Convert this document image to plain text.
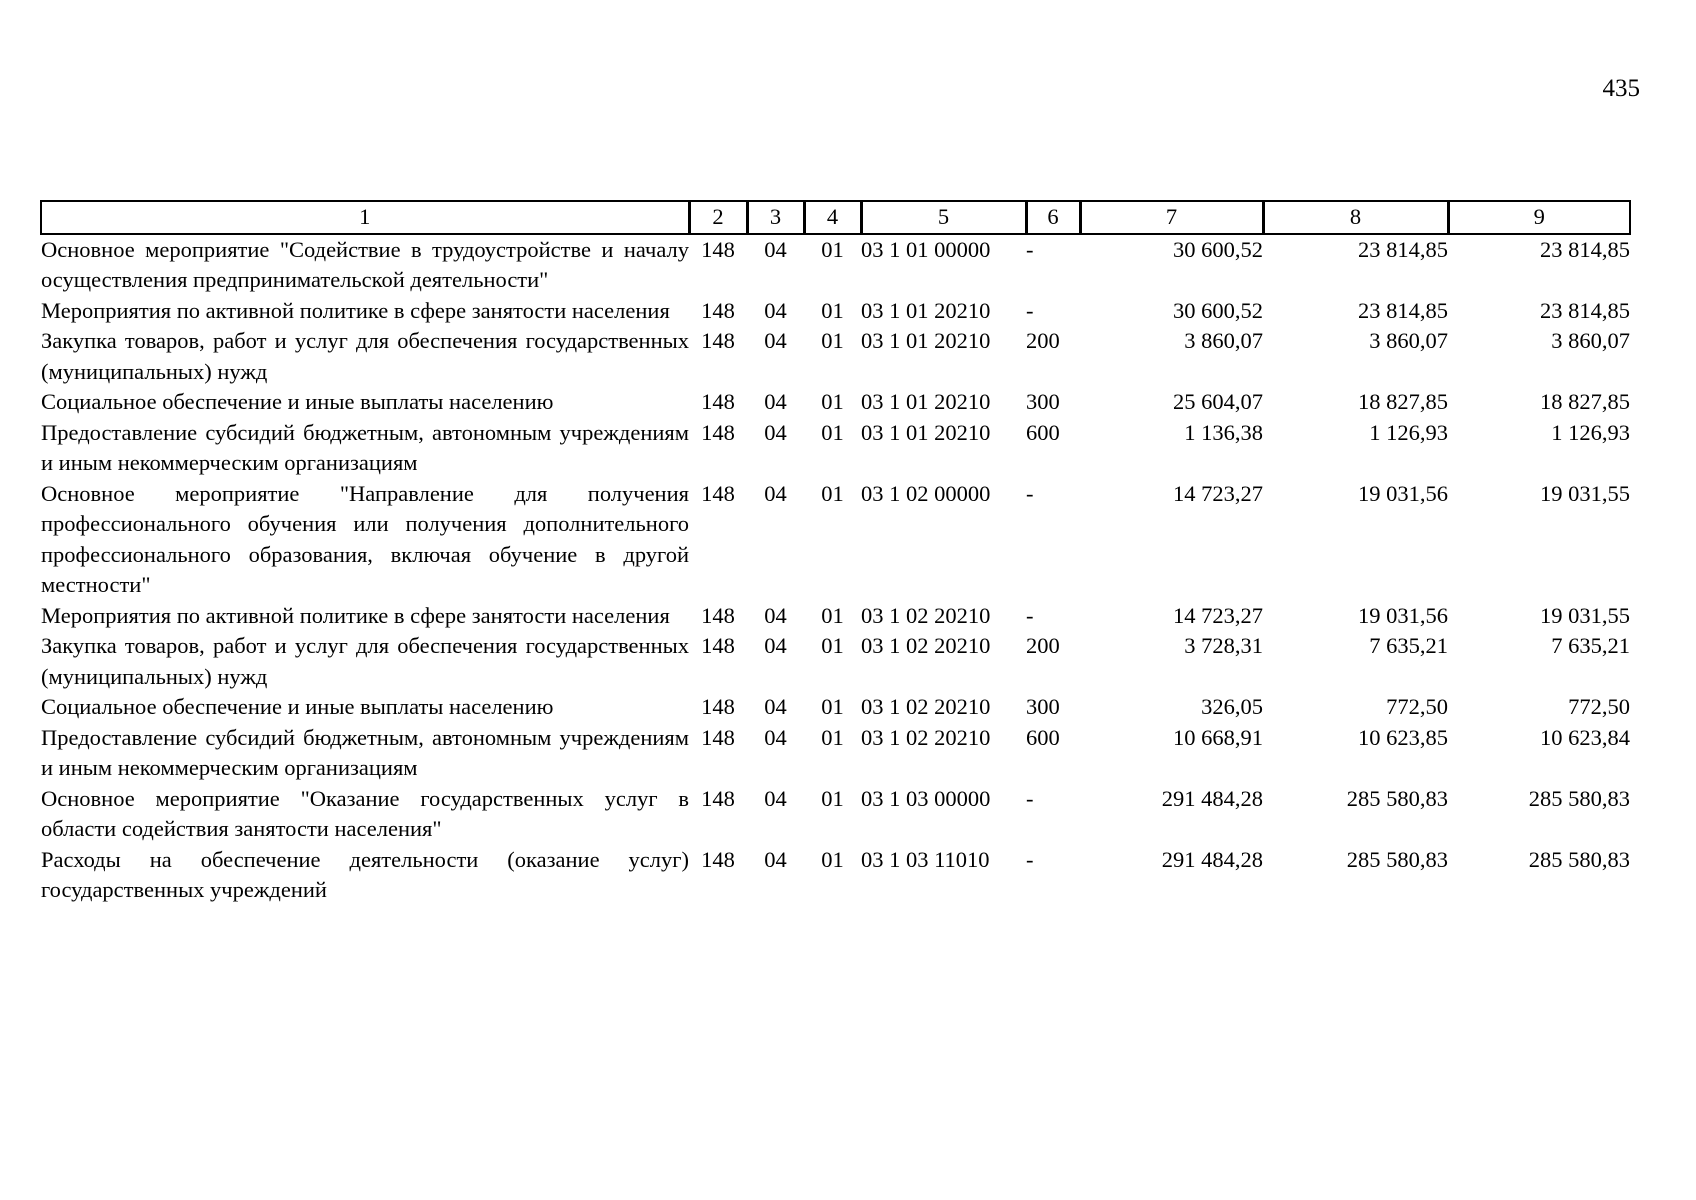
435
1	2	3	4	5	6	7	8	9
Основное мероприятие "Содействие в трудоустройстве и началу осуществления предпринимательской деятельности"	148	04	01	03 1 01 00000	-	30 600,52	23 814,85	23 814,85
Мероприятия по активной политике в сфере занятости населения	148	04	01	03 1 01 20210	-	30 600,52	23 814,85	23 814,85
Закупка товаров, работ и услуг для обеспечения государственных (муниципальных) нужд	148	04	01	03 1 01 20210	200	3 860,07	3 860,07	3 860,07
Социальное обеспечение и иные выплаты населению	148	04	01	03 1 01 20210	300	25 604,07	18 827,85	18 827,85
Предоставление субсидий бюджетным, автономным учреждениям и иным некоммерческим организациям	148	04	01	03 1 01 20210	600	1 136,38	1 126,93	1 126,93
Основное мероприятие "Направление для получения профессионального обучения или получения дополнительного профессионального образования, включая обучение в другой местности"	148	04	01	03 1 02 00000	-	14 723,27	19 031,56	19 031,55
Мероприятия по активной политике в сфере занятости населения	148	04	01	03 1 02 20210	-	14 723,27	19 031,56	19 031,55
Закупка товаров, работ и услуг для обеспечения государственных (муниципальных) нужд	148	04	01	03 1 02 20210	200	3 728,31	7 635,21	7 635,21
Социальное обеспечение и иные выплаты населению	148	04	01	03 1 02 20210	300	326,05	772,50	772,50
Предоставление субсидий бюджетным, автономным учреждениям и иным некоммерческим организациям	148	04	01	03 1 02 20210	600	10 668,91	10 623,85	10 623,84
Основное мероприятие "Оказание государственных услуг в области содействия занятости населения"	148	04	01	03 1 03 00000	-	291 484,28	285 580,83	285 580,83
Расходы на обеспечение деятельности (оказание услуг) государственных учреждений	148	04	01	03 1 03 11010	-	291 484,28	285 580,83	285 580,83
